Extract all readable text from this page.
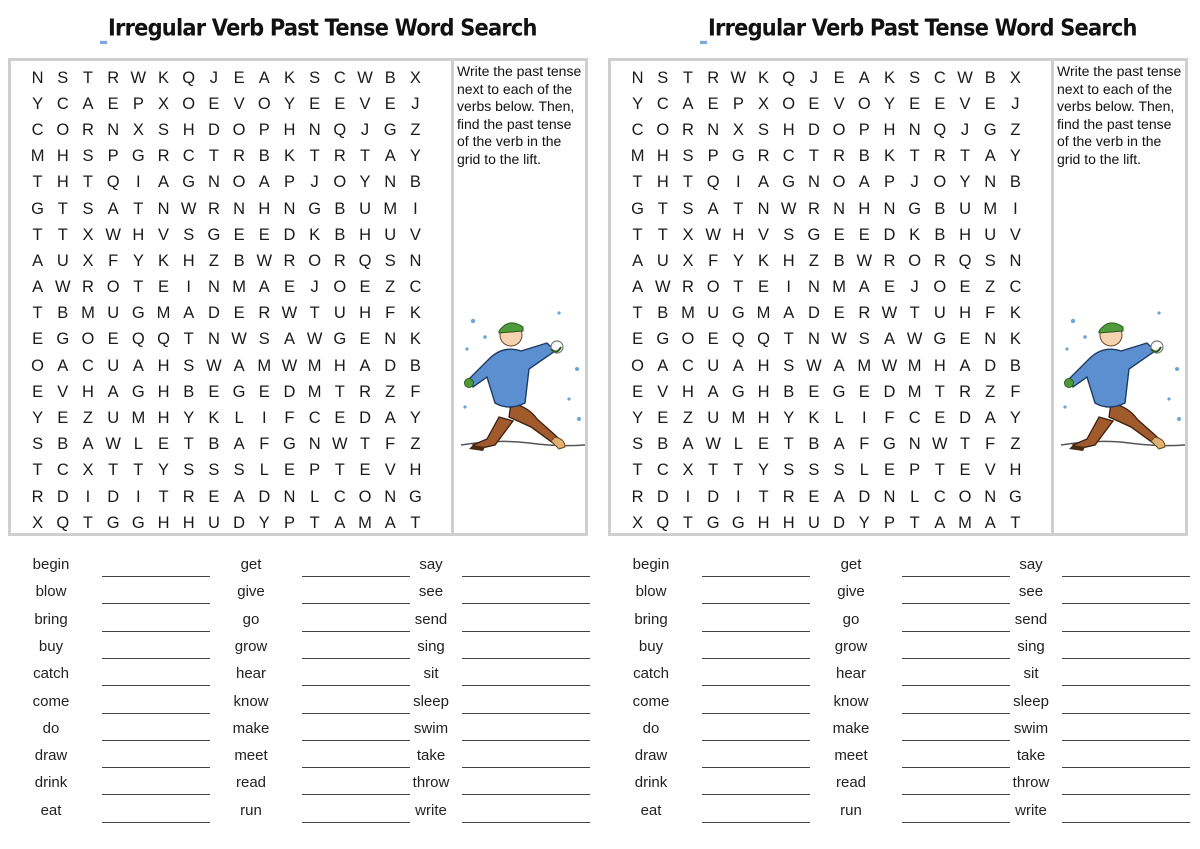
Irregular Verb Past Tense Word Search
N S T R W K Q J E A K S C W B X
Y C A E P X O E V O Y E E V E J
C O R N X S H D O P H N Q J G Z
M H S P G R C T R B K T R T A Y
T H T Q I	A G N O A P J O Y N B
G T S A T N W R N H N G B U M I
T T X W H V S G E E D K B H U V
A U X F Y K H Z B W R O R Q S N
A W R O T E	I	N M A E J O E Z C
T B M U G M A D E R W T U H F K
E G O E Q Q T N W S A W G E N K
O A C U A H S W A M W M H A D B
E V H A G H B E G E D M T R Z F
Y E Z U M H Y K L	I	F C E D A Y
S B A W L E T B A F G N W T F Z
T C X T T Y S S S L E P T E V H
R D	I	D	I	T R E A D N L C O N G
X Q T G G H H U D Y P T A M A T
Write the past tense next to each of the verbs below. Then, find the past tense of the verb in the grid to the lift.
begin	get	say
blow	give	see
bring	go	send
buy	grow	sing
catch	hear	sit
come	know	sleep
do	make	swim
draw	meet	take
drink	read	throw
eat	run	write
Irregular Verb Past Tense Word Search
N S T R W K Q J E A K S C W B X
Y C A E P X O E V O Y E E V E J
C O R N X S H D O P H N Q J G Z
M H S P G R C T R B K T R T A Y
T H T Q I	A G N O A P J O Y N B
G T S A T N W R N H N G B U M I
T T X W H V S G E E D K B H U V
A U X F Y K H Z B W R O R Q S N
A W R O T E	I	N M A E J O E Z C
T B M U G M A D E R W T U H F K
E G O E Q Q T N W S A W G E N K
O A C U A H S W A M W M H A D B
E V H A G H B E G E D M T R Z F
Y E Z U M H Y K L	I	F C E D A Y
S B A W L E T B A F G N W T F Z
T C X T T Y S S S L E P T E V H
R D	I	D	I	T R E A D N L C O N G
X Q T G G H H U D Y P T A M A T
Write the past tense next to each of the verbs below. Then, find the past tense of the verb in the grid to the lift.
begin	get	say
blow	give	see
bring	go	send
buy	grow	sing
catch	hear	sit
come	know	sleep
do	make	swim
draw	meet	take
drink	read	throw
eat	run	write
